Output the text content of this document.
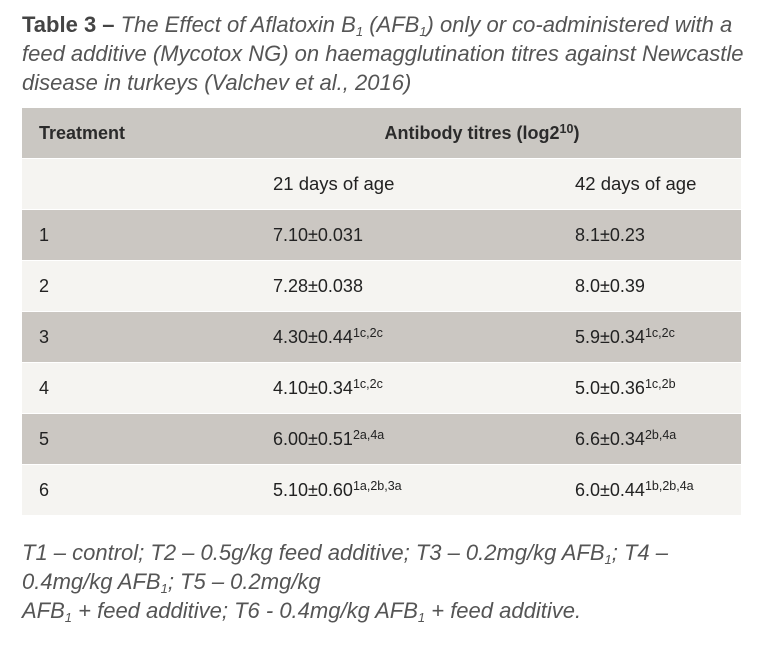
Table 3 – The Effect of Aflatoxin $B_1$ $(AFB_1)$ only or co-administered with a feed additive (Mycotox NG) on haemagglutination titres against Newcastle disease in turkeys (Valchev et al., 2016)
Treatment	Antibody titres $(\log 2^{10})$	
	21 days of age	42 days of age
1	7.10±0.031	8.1±0.23
2	7.28±0.038	8.0±0.39
3	$4.30\pm 0.44^{1c,2c}$	$5.9\pm 0.34^{1c,2c}$
4	$4.10\pm 0.34^{1c,2c}$	$5.0\pm 0.36^{1c,2b}$
5	$6.00\pm 0.51^{2a,4a}$	$6.6\pm 0.34^{2b,4a}$
6	$5.10\pm 0.60^{1a,2b,3a}$	$6.0\pm 0.44^{1b,2b,4a}$
T1 – control; T2 – 0.5g/kg feed additive; T3 – 0.2mg/kg $AFB_1$; T4 – 0.4mg/kg $AFB_1$; T5 – 0.2mg/kg
$AFB_1$ + feed additive; T6 - 0.4mg/kg $AFB_1$ + feed additive.
